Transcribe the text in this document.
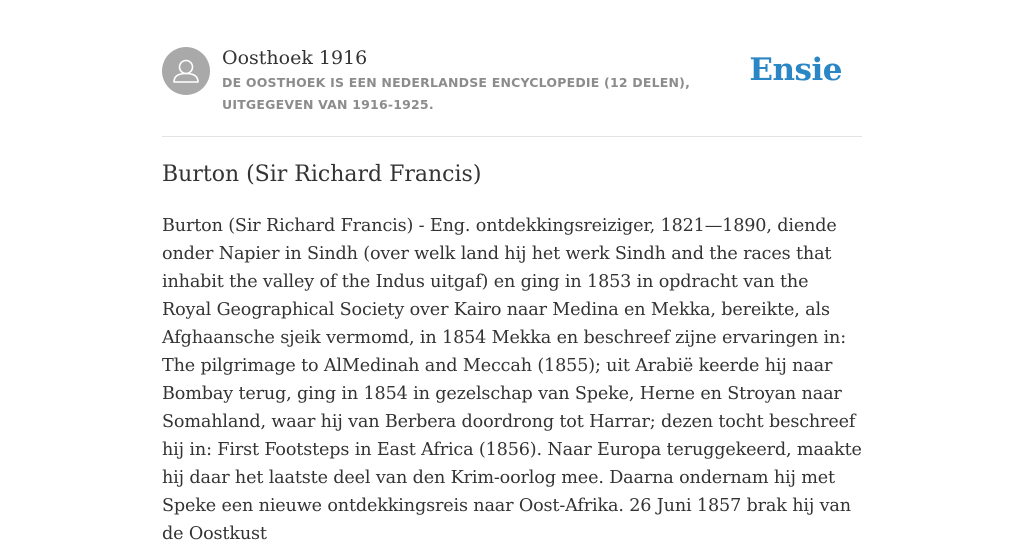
Oosthoek 1916
DE OOSTHOEK IS EEN NEDERLANDSE ENCYCLOPEDIE (12 DELEN), UITGEGEVEN VAN 1916-1925.
Ensie
Burton (Sir Richard Francis)

Burton (Sir Richard Francis) - Eng. ontdekkingsreiziger, 1821—1890, diende onder Napier in Sindh (over welk land hij het werk Sindh and the races that inhabit the valley of the Indus uitgaf) en ging in 1853 in opdracht van the Royal Geographical Society over Kairo naar Medina en Mekka, bereikte, als Afghaansche sjeik vermomd, in 1854 Mekka en beschreef zijne ervaringen in: The pilgrimage to AlMedinah and Meccah (1855); uit Arabië keerde hij naar Bombay terug, ging in 1854 in gezelschap van Speke, Herne en Stroyan naar Somahland, waar hij van Berbera doordrong tot Harrar; dezen tocht beschreef hij in: First Footsteps in East Africa (1856). Naar Europa teruggekeerd, maakte hij daar het laatste deel van den Krim-oorlog mee. Daarna ondernam hij met Speke een nieuwe ontdekkingsreis naar Oost-Afrika. 26 Juni 1857 brak hij van de Oostkust
